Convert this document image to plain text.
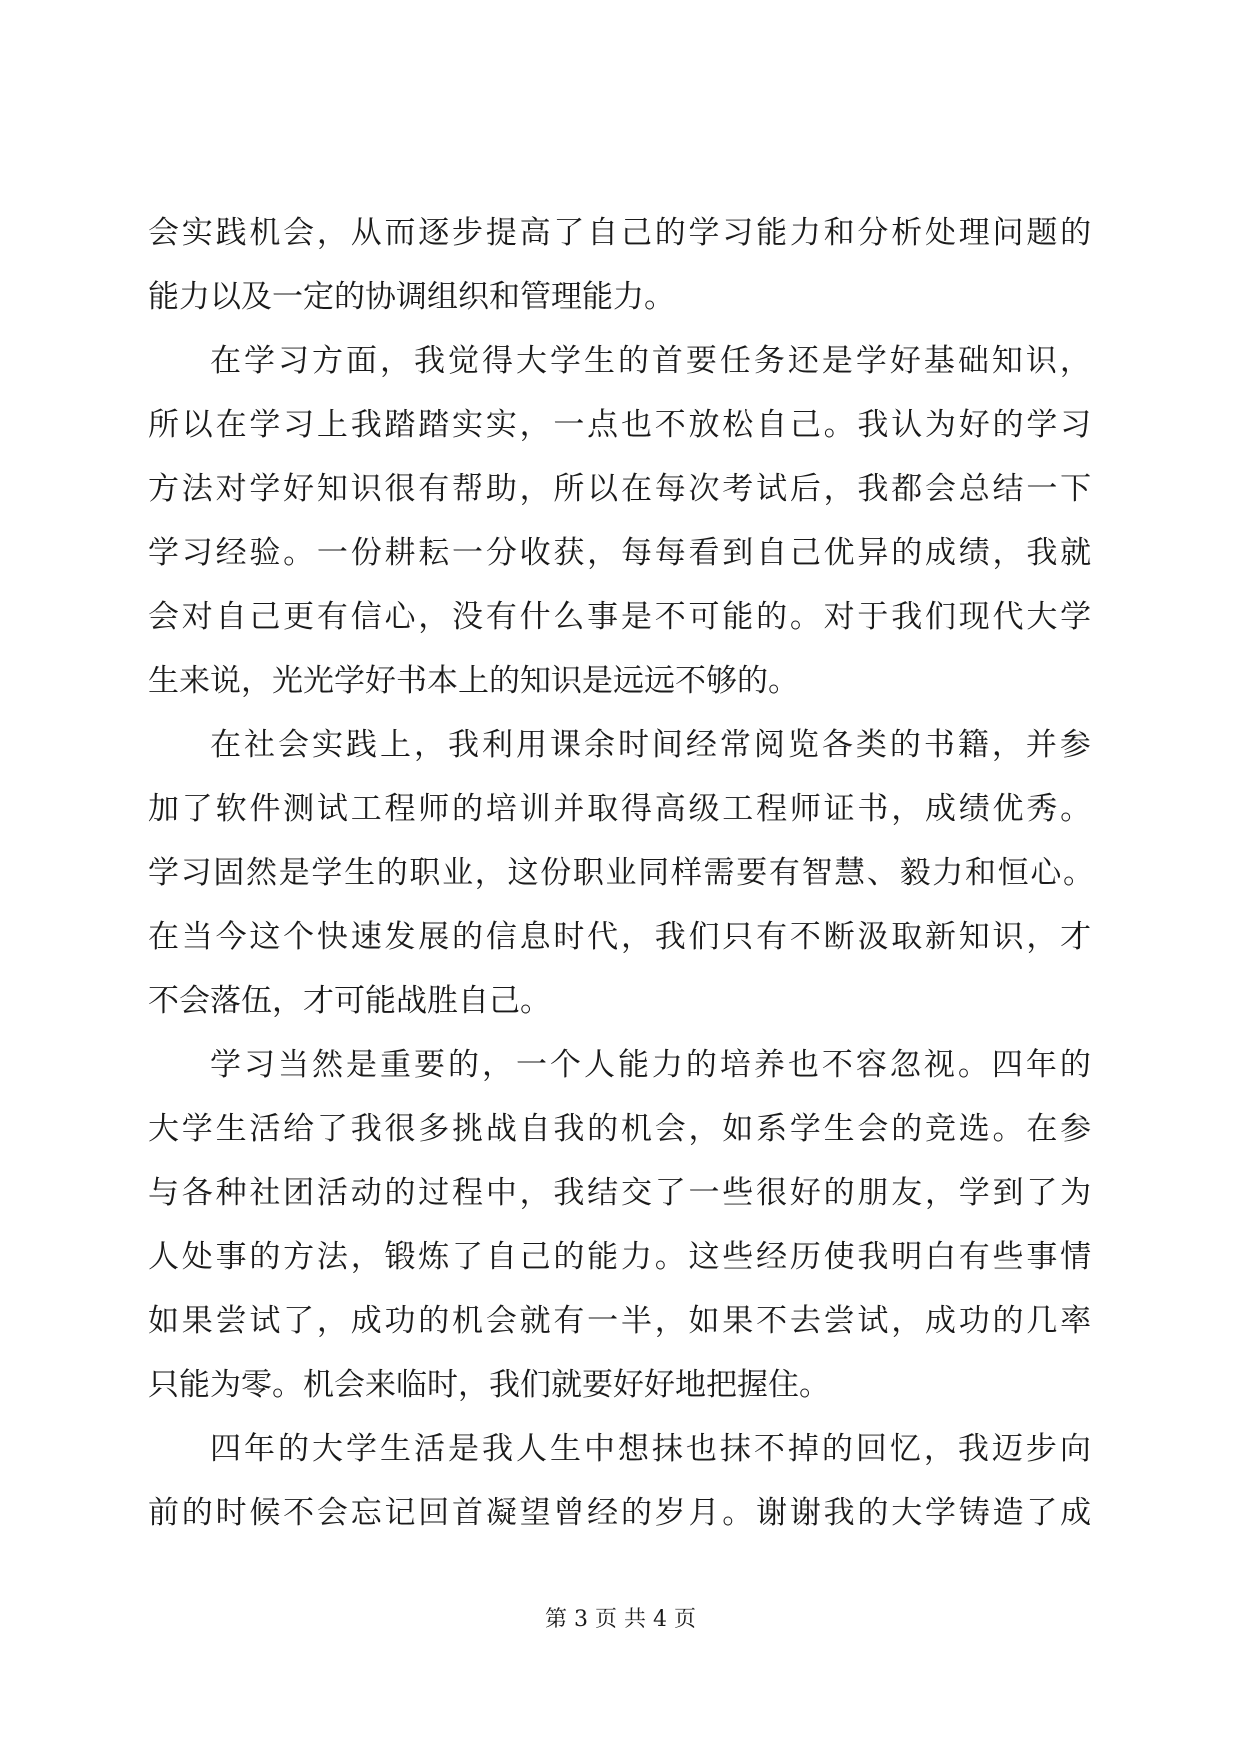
会实践机会，从而逐步提高了自己的学习能力和分析处理问题的
能力以及一定的协调组织和管理能力。
在学习方面，我觉得大学生的首要任务还是学好基础知识，
所以在学习上我踏踏实实，一点也不放松自己。我认为好的学习
方法对学好知识很有帮助，所以在每次考试后，我都会总结一下
学习经验。一份耕耘一分收获，每每看到自己优异的成绩，我就
会对自己更有信心，没有什么事是不可能的。对于我们现代大学
生来说，光光学好书本上的知识是远远不够的。
在社会实践上，我利用课余时间经常阅览各类的书籍，并参
加了软件测试工程师的培训并取得高级工程师证书，成绩优秀。
学习固然是学生的职业，这份职业同样需要有智慧、毅力和恒心。
在当今这个快速发展的信息时代，我们只有不断汲取新知识，才
不会落伍，才可能战胜自己。
学习当然是重要的，一个人能力的培养也不容忽视。四年的
大学生活给了我很多挑战自我的机会，如系学生会的竞选。在参
与各种社团活动的过程中，我结交了一些很好的朋友，学到了为
人处事的方法，锻炼了自己的能力。这些经历使我明白有些事情
如果尝试了，成功的机会就有一半，如果不去尝试，成功的几率
只能为零。机会来临时，我们就要好好地把握住。
四年的大学生活是我人生中想抹也抹不掉的回忆，我迈步向
前的时候不会忘记回首凝望曾经的岁月。谢谢我的大学铸造了成
第 3 页 共 4 页
